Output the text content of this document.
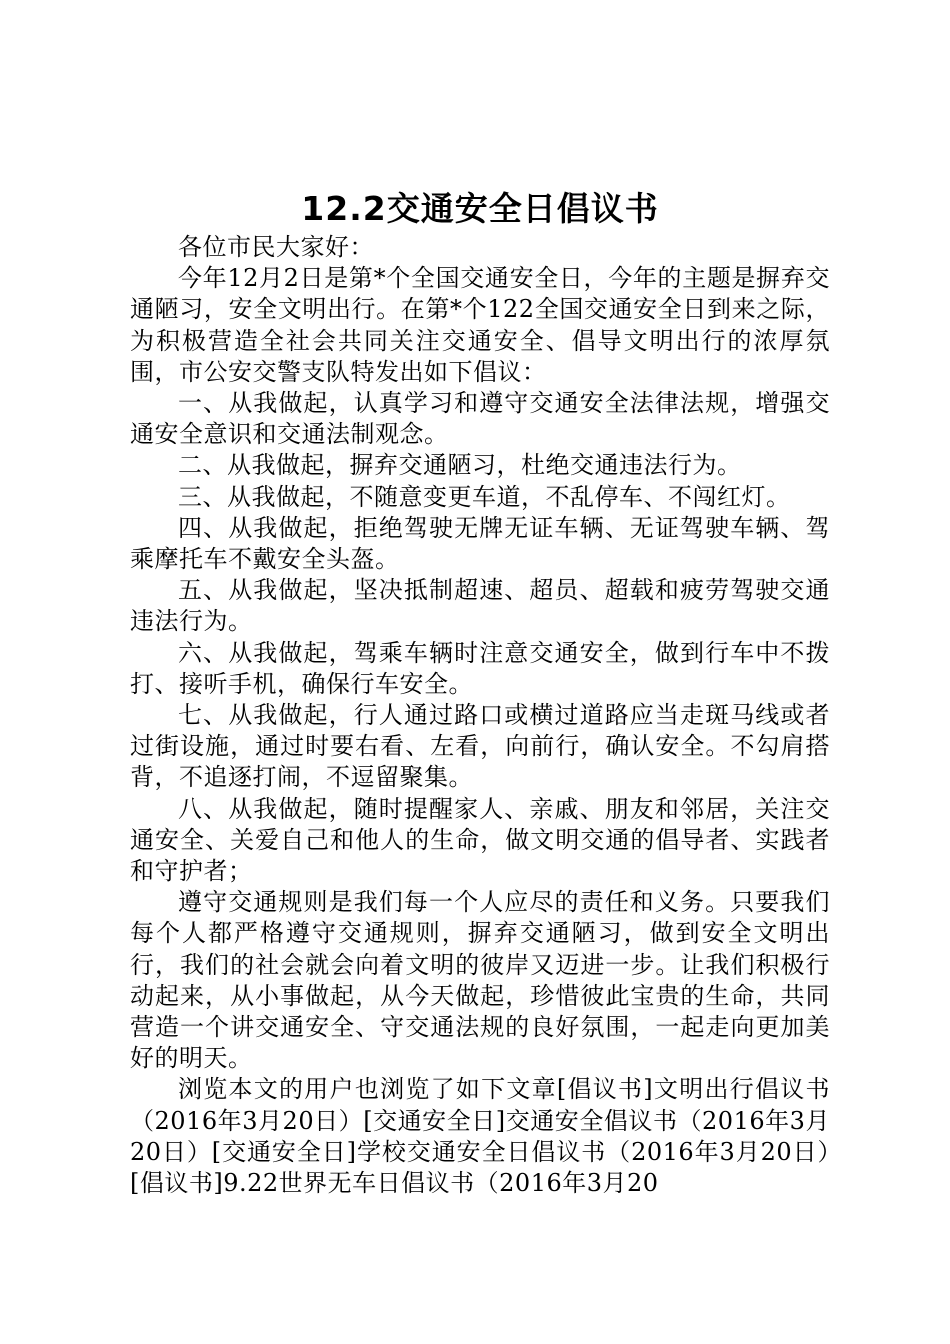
12.2交通安全日倡议书

各位市民大家好：

今年12月2日是第*个全国交通安全日，今年的主题是摒弃交通陋习，安全文明出行。在第*个122全国交通安全日到来之际，为积极营造全社会共同关注交通安全、倡导文明出行的浓厚氛围，市公安交警支队特发出如下倡议：

一、从我做起，认真学习和遵守交通安全法律法规，增强交通安全意识和交通法制观念。

二、从我做起，摒弃交通陋习，杜绝交通违法行为。

三、从我做起，不随意变更车道，不乱停车、不闯红灯。

四、从我做起，拒绝驾驶无牌无证车辆、无证驾驶车辆、驾乘摩托车不戴安全头盔。

五、从我做起，坚决抵制超速、超员、超载和疲劳驾驶交通违法行为。

六、从我做起，驾乘车辆时注意交通安全，做到行车中不拨打、接听手机，确保行车安全。

七、从我做起，行人通过路口或横过道路应当走斑马线或者过街设施，通过时要右看、左看，向前行，确认安全。不勾肩搭背，不追逐打闹，不逗留聚集。

八、从我做起，随时提醒家人、亲戚、朋友和邻居，关注交通安全、关爱自己和他人的生命，做文明交通的倡导者、实践者和守护者；

遵守交通规则是我们每一个人应尽的责任和义务。只要我们每个人都严格遵守交通规则，摒弃交通陋习，做到安全文明出行，我们的社会就会向着文明的彼岸又迈进一步。让我们积极行动起来，从小事做起，从今天做起，珍惜彼此宝贵的生命，共同营造一个讲交通安全、守交通法规的良好氛围，一起走向更加美好的明天。

浏览本文的用户也浏览了如下文章[倡议书]文明出行倡议书（2016年3月20日）[交通安全日]交通安全倡议书（2016年3月20日）[交通安全日]学校交通安全日倡议书（2016年3月20日）[倡议书]9.22世界无车日倡议书（2016年3月20
